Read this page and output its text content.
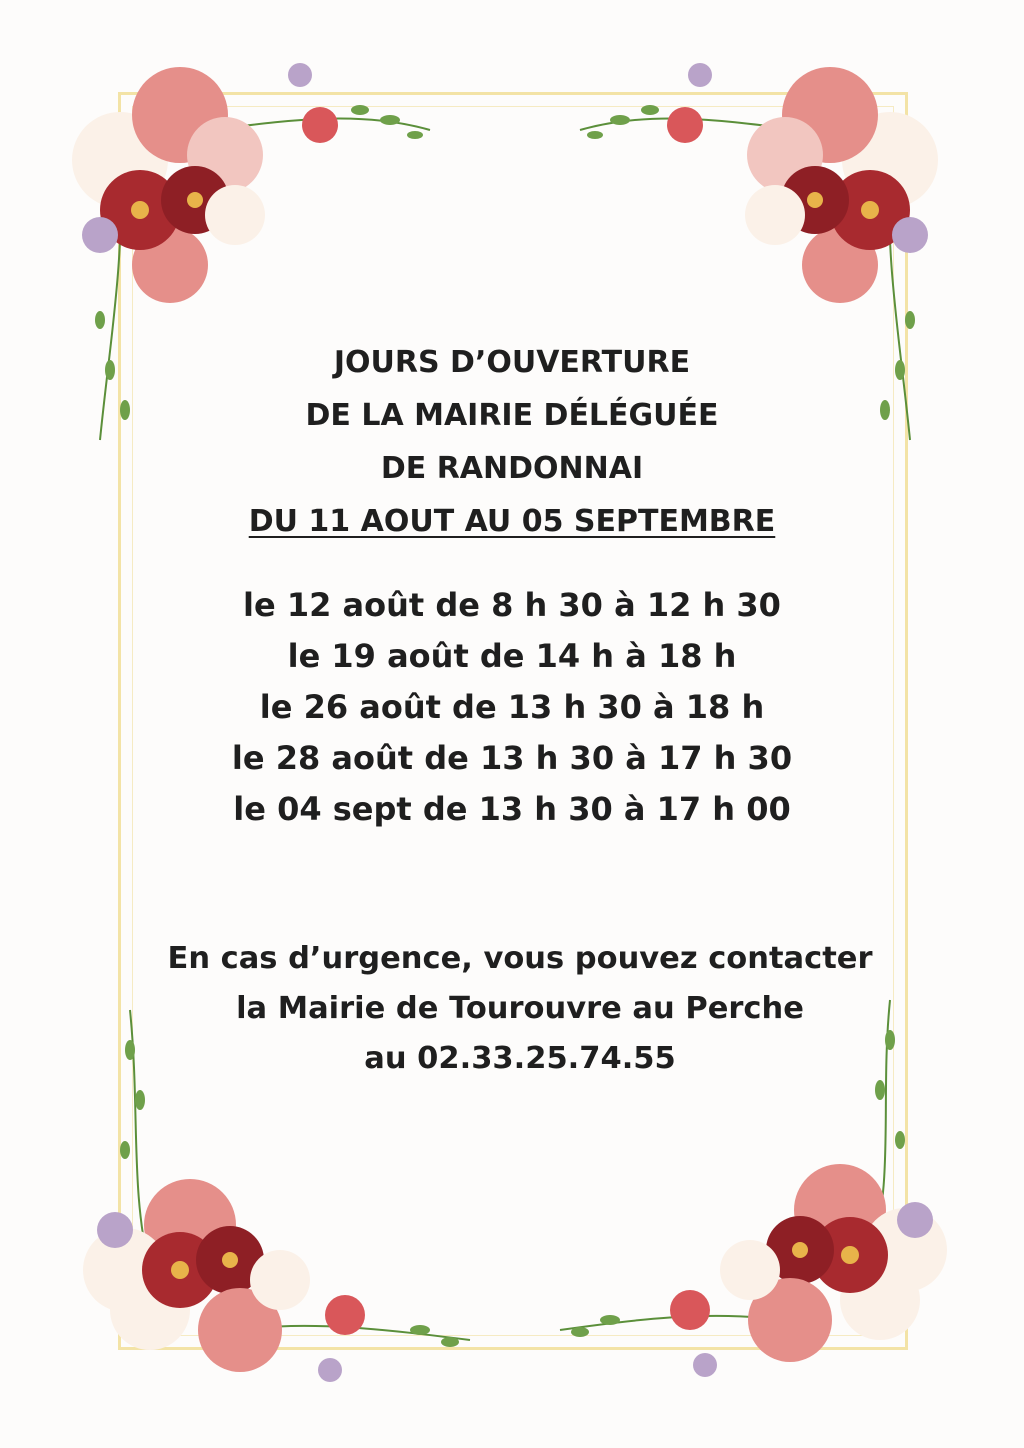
JOURS D’OUVERTURE
DE LA MAIRIE DÉLÉGUÉE
DE RANDONNAI
DU 11 AOUT AU 05 SEPTEMBRE
le 12 août de 8 h 30 à 12 h 30
le 19 août de 14 h à 18 h
le 26 août de 13 h 30 à 18 h
le 28 août de 13 h 30 à 17 h 30
le 04 sept de 13 h 30 à 17 h 00
En cas d’urgence, vous pouvez contacter
la Mairie de Tourouvre au Perche
au 02.33.25.74.55
